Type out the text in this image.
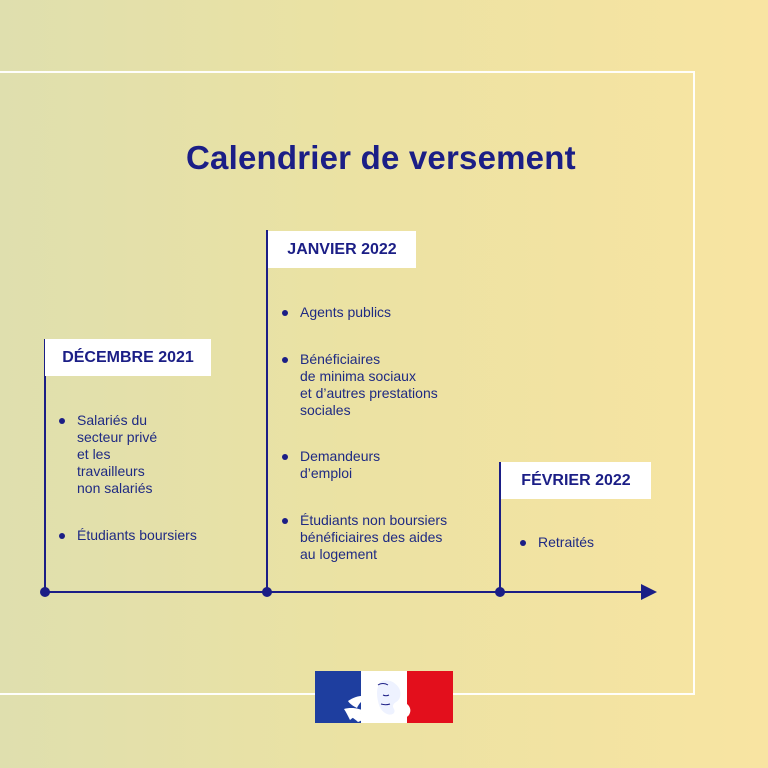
Calendrier de versement
DÉCEMBRE 2021
JANVIER 2022
FÉVRIER 2022
Salariés du
secteur privé
et les
travailleurs
non salariés
Étudiants boursiers
Agents publics
Bénéficiaires
de minima sociaux
et d’autres prestations
sociales
Demandeurs
d’emploi
Étudiants non boursiers
bénéficiaires des aides
au logement
Retraités
